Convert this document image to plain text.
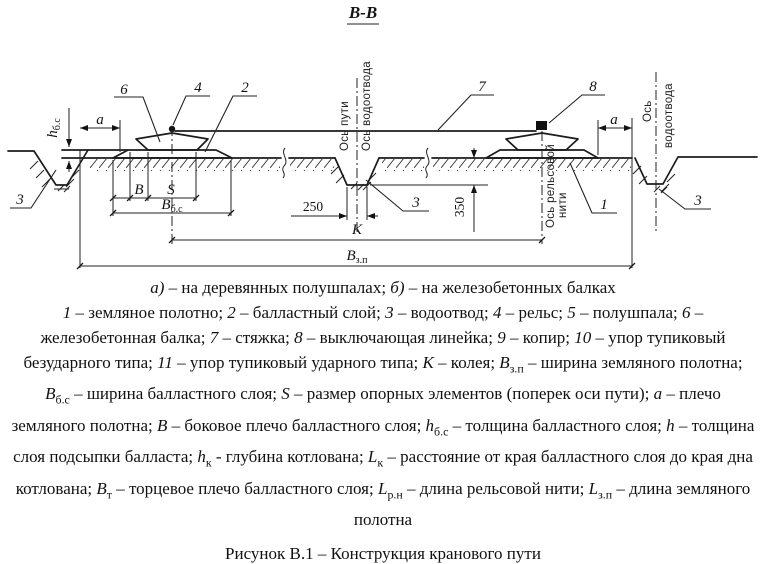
В-В
Ось пути Ось водоотвода
Ось рельсовой нити
Ось водоотвода
6	4	2	7	8
3	3	3
1
$h_{б.с}$ а
В S
$В_{б.с}$	250	350
К
а
$В_{з.п}$

а) – на деревянных полушпалах; б) – на железобетонных балках

1 – земляное полотно; 2 – балластный слой; 3 – водоотвод; 4 – рельс; 5 – полушпала; 6 – железобетонная балка; 7 – стяжка; 8 – выключающая линейка; 9 – копир; 10 – упор тупиковый безударного типа; 11 – упор тупиковый ударного типа; К – колея; $В_{з.п}$ – ширина земляного полотна; $В_{б.с}$ – ширина балластного слоя; S – размер опорных элементов (поперек оси пути); а – плечо земляного полотна; В – боковое плечо балластного слоя; $h_{б.с}$ – толщина балластного слоя; h – толщина слоя подсыпки балласта; $h_к$ - глубина котлована; $L_к$ – расстояние от края балластного слоя до края дна котлована; $В_т$ – торцевое плечо балластного слоя; $L_{р.н}$ – длина рельсовой нити; $L_{з.п}$ – длина земляного полотна

Рисунок В.1 – Конструкция кранового пути
